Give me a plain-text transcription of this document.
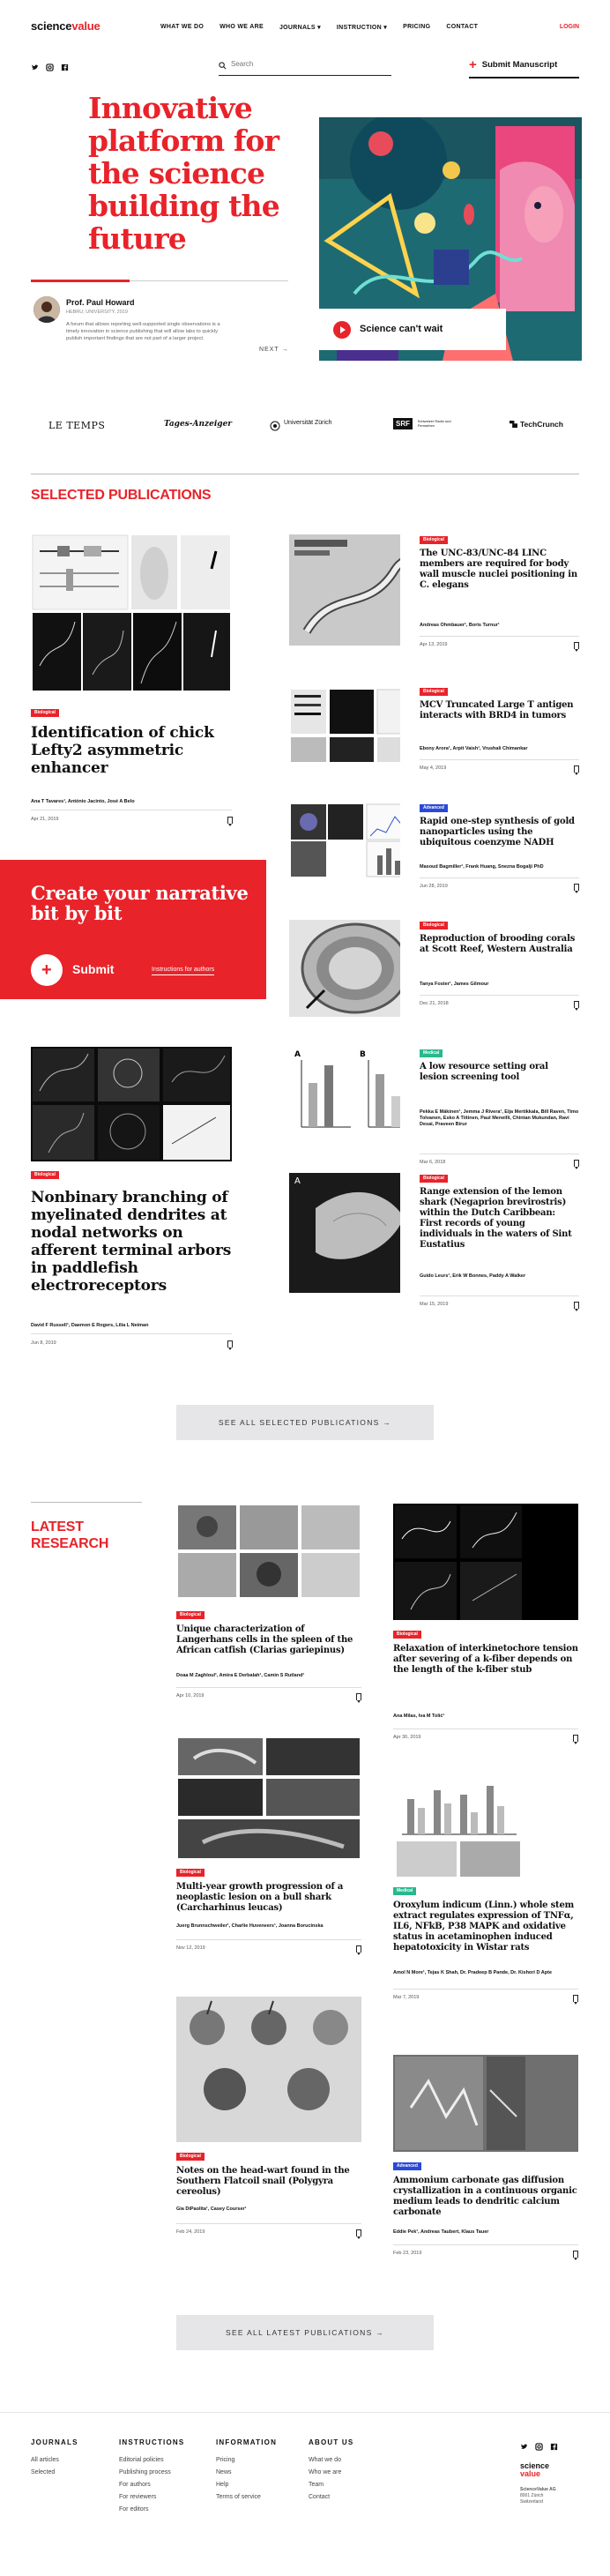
sciencevalue	WHAT WE DO	WHO WE ARE	JOURNALS ▾	INSTRUCTION ▾	PRICING	CONTACT	LOGIN
Search
+ Submit Manuscript
Innovative platform for the science building the future
Prof. Paul Howard
HEBRU, UNIVERSITY, 2019
A forum that allows reporting well-supported single observations is a timely innovation in science publishing that will allow labs to quickly publish important findings that are not part of a larger project.
NEXT →
Science can't wait
LE TEMPS	Tages-Anzeiger	Universität Zürich	SRF Schweizer Radio und Fernsehen	TechCrunch
SELECTED PUBLICATIONS
Biological
Identification of chick Lefty2 asymmetric enhancer
Ana T Tavares¹, António Jacinto, José A Belo
Apr 21, 2019
Create your narrative bit by bit
+ Submit	Instructions for authors
Biological
Nonbinary branching of myelinated dendrites at nodal networks on afferent terminal arbors in paddlefish electroreceptors
David F Russell¹, Daemon E Rogers, Lilia L Neiman
Jun 8, 2019
Biological
The UNC-83/UNC-84 LINC members are required for body wall muscle nuclei positioning in C. elegans
Andreas Ohmbauer¹, Boris Turnur¹
Apr 13, 2019
Biological
MCV Truncated Large T antigen interacts with BRD4 in tumors
Ebony Arora¹, Arpit Vaish¹, Vrushali Chimankar
May 4, 2019
Advanced
Rapid one-step synthesis of gold nanoparticles using the ubiquitous coenzyme NADH
Masoud Bagmiller¹, Frank Huang, Snezna Bogalji PhD
Jun 28, 2019
Biological
Reproduction of brooding corals at Scott Reef, Western Australia
Tanya Foster¹, James Gilmour
Dec 21, 2018
A	B	Medical
A low resource setting oral lesion screening tool
Pekka E Mäkinen¹, Jemma J Rivera¹, Eija Mertikkala, Bill Raven, Timo Tolvanen, Esko A Tiitinen, Paul Meneilli, Chintan Mukundan, Ravi Desai, Praveen Birur
Mar 6, 2018
A	Biological
Range extension of the lemon shark (Negaprion brevirostris) within the Dutch Caribbean: First records of young individuals in the waters of Sint Eustatius
Guido Leurs¹, Erik W Bonnes, Paddy A Walker
Mar 15, 2019
SEE ALL SELECTED PUBLICATIONS →
LATEST RESEARCH
Biological
Unique characterization of Langerhans cells in the spleen of the African catfish (Clarias gariepinus)
Doaa M Zaghloul¹, Amira E Derbalah¹, Camin S Rutland¹
Apr 10, 2019
Biological
Multi-year growth progression of a neoplastic lesion on a bull shark (Carcharhinus leucas)
Juerg Brunnschweiler¹, Charlie Huveneers¹, Joanna Borucinska
Nov 12, 2019
Biological
Notes on the head-wart found in the Southern Flatcoil snail (Polygyra cereolus)
Gia DiPaolita¹, Casey Courser¹
Feb 24, 2019
Biological
Relaxation of interkinetochore tension after severing of a k-fiber depends on the length of the k-fiber stub
Ana Milas, Iva M Tolić¹
Apr 30, 2019
Medical
Oroxylum indicum (Linn.) whole stem extract regulates expression of TNFα, IL6, NFkB, P38 MAPK and oxidative status in acetaminophen induced hepatotoxicity in Wistar rats
Amol N More¹, Tejas K Shah, Dr. Pradeep B Pande, Dr. Kishori D Apte
Mar 7, 2019
Advanced
Ammonium carbonate gas diffusion crystallization in a continuous organic medium leads to dendritic calcium carbonate
Eddie Pek¹, Andreas Taubert, Klaus Tauer
Feb 23, 2019
SEE ALL LATEST PUBLICATIONS →
JOURNALS
All articles
Selected
INSTRUCTIONS
Editorial policies
Publishing process
For authors
For reviewers
For editors
INFORMATION
Pricing
News
Help
Terms of service
ABOUT US
What we do
Who we are
Team
Contact
science
value
ScienceValue AG
8001 Zürich
Switzerland
